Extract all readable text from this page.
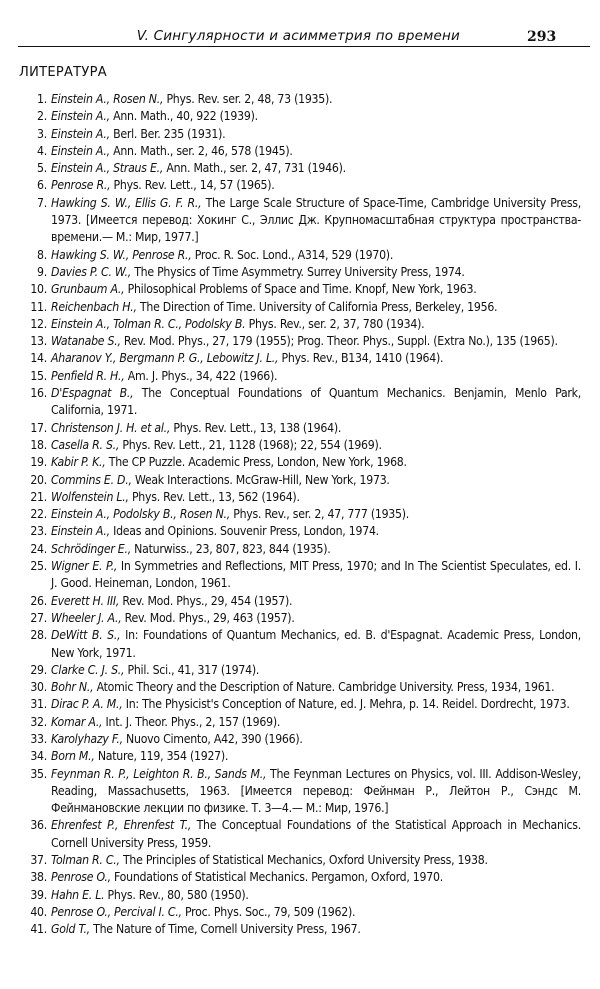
V. Сингулярности и асимметрия по времени	293
ЛИТЕРАТУРА
1. Einstein A., Rosen N., Phys. Rev. ser. 2, 48, 73 (1935).
2. Einstein A., Ann. Math., 40, 922 (1939).
3. Einstein A., Berl. Ber. 235 (1931).
4. Einstein A., Ann. Math., ser. 2, 46, 578 (1945).
5. Einstein A., Straus E., Ann. Math., ser. 2, 47, 731 (1946).
6. Penrose R., Phys. Rev. Lett., 14, 57 (1965).
7. Hawking S. W., Ellis G. F. R., The Large Scale Structure of Space-Time, Cambridge University Press, 1973. [Имеется перевод: Хокинг С., Эллис Дж. Крупномасштабная структура пространства-времени.— М.: Мир, 1977.]
8. Hawking S. W., Penrose R., Proc. R. Soc. Lond., A314, 529 (1970).
9. Davies P. C. W., The Physics of Time Asymmetry. Surrey University Press, 1974.
10. Grunbaum A., Philosophical Problems of Space and Time. Knopf, New York, 1963.
11. Reichenbach H., The Direction of Time. University of California Press, Berkeley, 1956.
12. Einstein A., Tolman R. C., Podolsky B. Phys. Rev., ser. 2, 37, 780 (1934).
13. Watanabe S., Rev. Mod. Phys., 27, 179 (1955); Prog. Theor. Phys., Suppl. (Extra No.), 135 (1965).
14. Aharanov Y., Bergmann P. G., Lebowitz J. L., Phys. Rev., B134, 1410 (1964).
15. Penfield R. H., Am. J. Phys., 34, 422 (1966).
16. D'Espagnat B., The Conceptual Foundations of Quantum Mechanics. Benjamin, Menlo Park, California, 1971.
17. Christenson J. H. et al., Phys. Rev. Lett., 13, 138 (1964).
18. Casella R. S., Phys. Rev. Lett., 21, 1128 (1968); 22, 554 (1969).
19. Kabir P. K., The CP Puzzle. Academic Press, London, New York, 1968.
20. Commins E. D., Weak Interactions. McGraw-Hill, New York, 1973.
21. Wolfenstein L., Phys. Rev. Lett., 13, 562 (1964).
22. Einstein A., Podolsky B., Rosen N., Phys. Rev., ser. 2, 47, 777 (1935).
23. Einstein A., Ideas and Opinions. Souvenir Press, London, 1974.
24. Schrödinger E., Naturwiss., 23, 807, 823, 844 (1935).
25. Wigner E. P., In Symmetries and Reflections, MIT Press, 1970; and In The Scientist Speculates, ed. I. J. Good. Heineman, London, 1961.
26. Everett H. III, Rev. Mod. Phys., 29, 454 (1957).
27. Wheeler J. A., Rev. Mod. Phys., 29, 463 (1957).
28. DeWitt B. S., In: Foundations of Quantum Mechanics, ed. B. d'Espagnat. Academic Press, London, New York, 1971.
29. Clarke C. J. S., Phil. Sci., 41, 317 (1974).
30. Bohr N., Atomic Theory and the Description of Nature. Cambridge University. Press, 1934, 1961.
31. Dirac P. A. M., In: The Physicist's Conception of Nature, ed. J. Mehra, p. 14. Reidel. Dordrecht, 1973.
32. Komar A., Int. J. Theor. Phys., 2, 157 (1969).
33. Karolyhazy F., Nuovo Cimento, A42, 390 (1966).
34. Born M., Nature, 119, 354 (1927).
35. Feynman R. P., Leighton R. B., Sands M., The Feynman Lectures on Physics, vol. III. Addison-Wesley, Reading, Massachusetts, 1963. [Имеется перевод: Фейнман Р., Лейтон Р., Сэндс М. Фейнмановские лекции по физике. Т. 3—4.— М.: Мир, 1976.]
36. Ehrenfest P., Ehrenfest T., The Conceptual Foundations of the Statistical Approach in Mechanics. Cornell University Press, 1959.
37. Tolman R. C., The Principles of Statistical Mechanics, Oxford University Press, 1938.
38. Penrose O., Foundations of Statistical Mechanics. Pergamon, Oxford, 1970.
39. Hahn E. L. Phys. Rev., 80, 580 (1950).
40. Penrose O., Percival I. C., Proc. Phys. Soc., 79, 509 (1962).
41. Gold T., The Nature of Time, Cornell University Press, 1967.
